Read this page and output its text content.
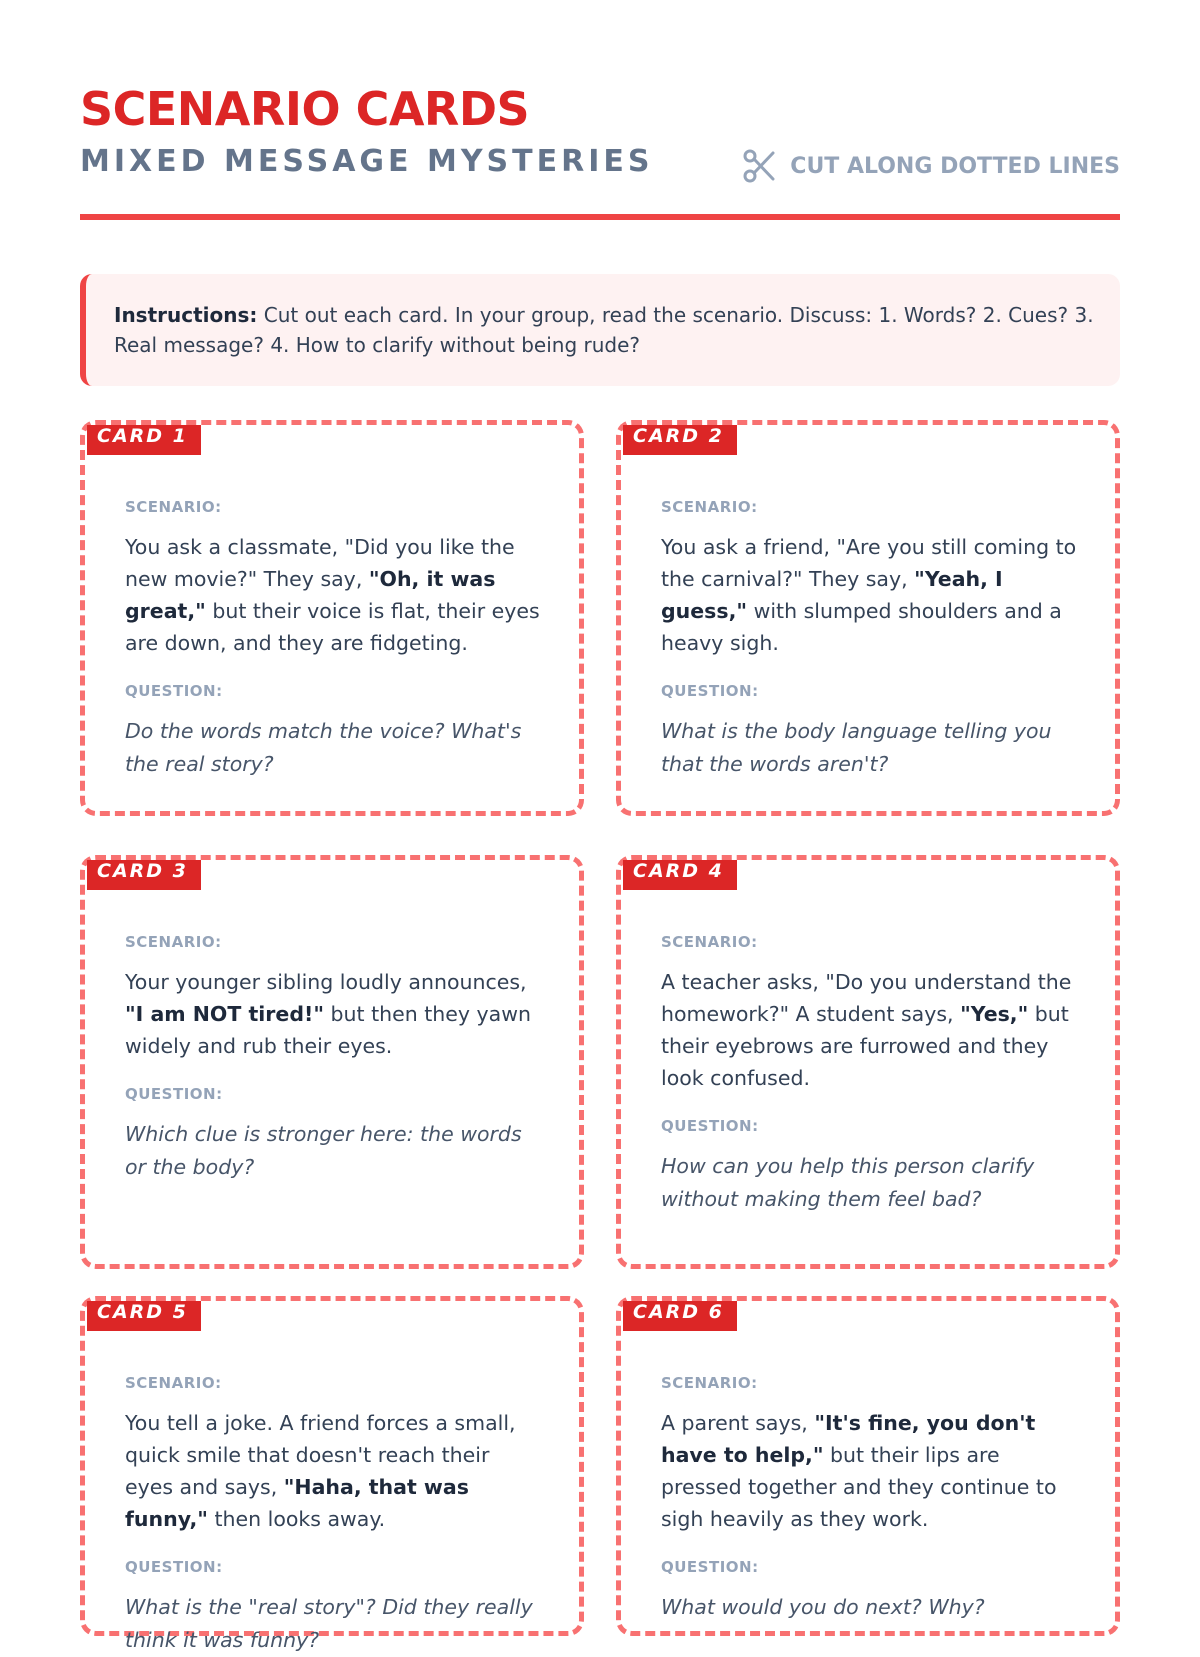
SCENARIO CARDS
MIXED MESSAGE MYSTERIES	CUT ALONG DOTTED LINES
Instructions: Cut out each card. In your group, read the scenario. Discuss: 1. Words? 2. Cues? 3. Real message? 4. How to clarify without being rude?
CARD 1

SCENARIO:

You ask a classmate, "Did you like the new movie?" They say, "Oh, it was great," but their voice is flat, their eyes are down, and they are fidgeting.

QUESTION:

Do the words match the voice? What's the real story?

CARD 2

SCENARIO:

You ask a friend, "Are you still coming to the carnival?" They say, "Yeah, I guess," with slumped shoulders and a heavy sigh.

QUESTION:

What is the body language telling you that the words aren't?

CARD 3

SCENARIO:

Your younger sibling loudly announces, "I am NOT tired!" but then they yawn widely and rub their eyes.

QUESTION:

Which clue is stronger here: the words or the body?

CARD 4

SCENARIO:

A teacher asks, "Do you understand the homework?" A student says, "Yes," but their eyebrows are furrowed and they look confused.

QUESTION:

How can you help this person clarify without making them feel bad?

CARD 5

SCENARIO:

You tell a joke. A friend forces a small, quick smile that doesn't reach their eyes and says, "Haha, that was funny," then looks away.

QUESTION:

What is the "real story"? Did they really think it was funny?

CARD 6

SCENARIO:

A parent says, "It's fine, you don't have to help," but their lips are pressed together and they continue to sigh heavily as they work.

QUESTION:

What would you do next? Why?
